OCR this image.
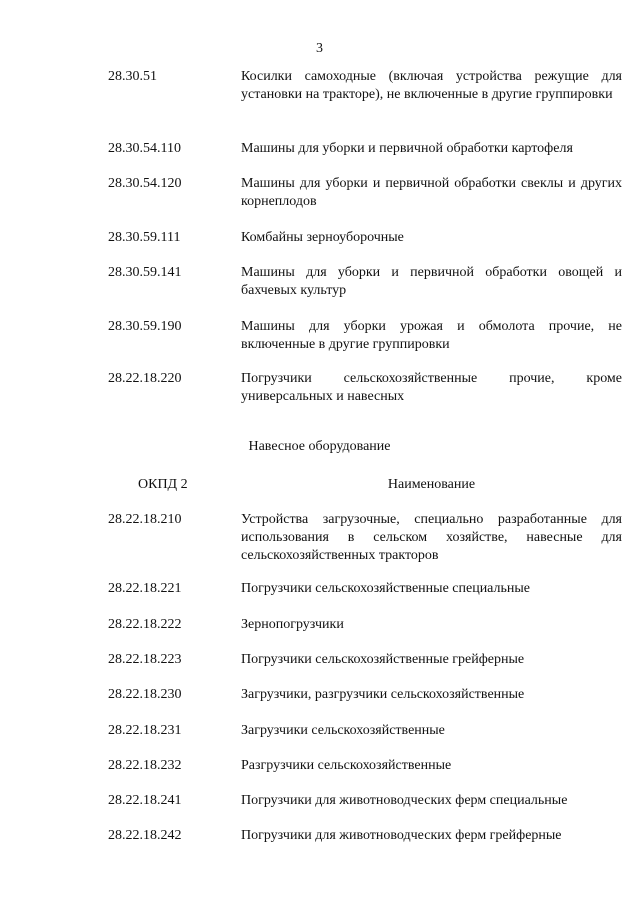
3
28.30.51	Косилки самоходные (включая устройства режущие для установки на тракторе), не включенные в другие группировки
28.30.54.110	Машины для уборки и первичной обработки картофеля
28.30.54.120	Машины для уборки и первичной обработки свеклы и других корнеплодов
28.30.59.111	Комбайны зерноуборочные
28.30.59.141	Машины для уборки и первичной обработки овощей и бахчевых культур
28.30.59.190	Машины для уборки урожая и обмолота прочие, не включенные в другие группировки
28.22.18.220	Погрузчики сельскохозяйственные прочие, кроме универсальных и навесных
Навесное оборудование
ОКПД 2	Наименование
28.22.18.210	Устройства загрузочные, специально разработанные для использования в сельском хозяйстве, навесные для сельскохозяйственных тракторов
28.22.18.221	Погрузчики сельскохозяйственные специальные
28.22.18.222	Зернопогрузчики
28.22.18.223	Погрузчики сельскохозяйственные грейферные
28.22.18.230	Загрузчики, разгрузчики сельскохозяйственные
28.22.18.231	Загрузчики сельскохозяйственные
28.22.18.232	Разгрузчики сельскохозяйственные
28.22.18.241	Погрузчики для животноводческих ферм специальные
28.22.18.242	Погрузчики для животноводческих ферм грейферные
